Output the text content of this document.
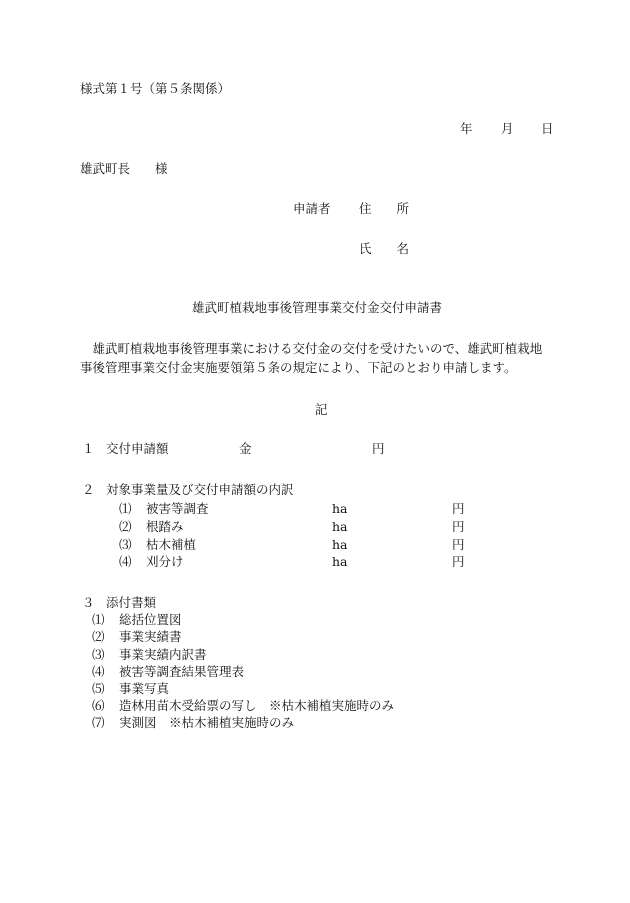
様式第１号（第５条関係）
年 月 日
雄武町長　　様
申請者 住　　所
氏　　名
雄武町植栽地事後管理事業交付金交付申請書
　雄武町植栽地事後管理事業における交付金の交付を受けたいので、雄武町植栽地
事後管理事業交付金実施要領第５条の規定により、下記のとおり申請します。
記
１ 交付申請額	金	円
２ 対象事業量及び交付申請額の内訳
⑴ 被害等調査	ha	円
⑵ 根踏み	ha	円
⑶ 枯木補植	ha	円
⑷ 刈分け	ha	円
３ 添付書類
⑴ 総括位置図
⑵ 事業実績書
⑶ 事業実績内訳書
⑷ 被害等調査結果管理表
⑸ 事業写真
⑹ 造林用苗木受給票の写し　※枯木補植実施時のみ
⑺ 実測図　※枯木補植実施時のみ
